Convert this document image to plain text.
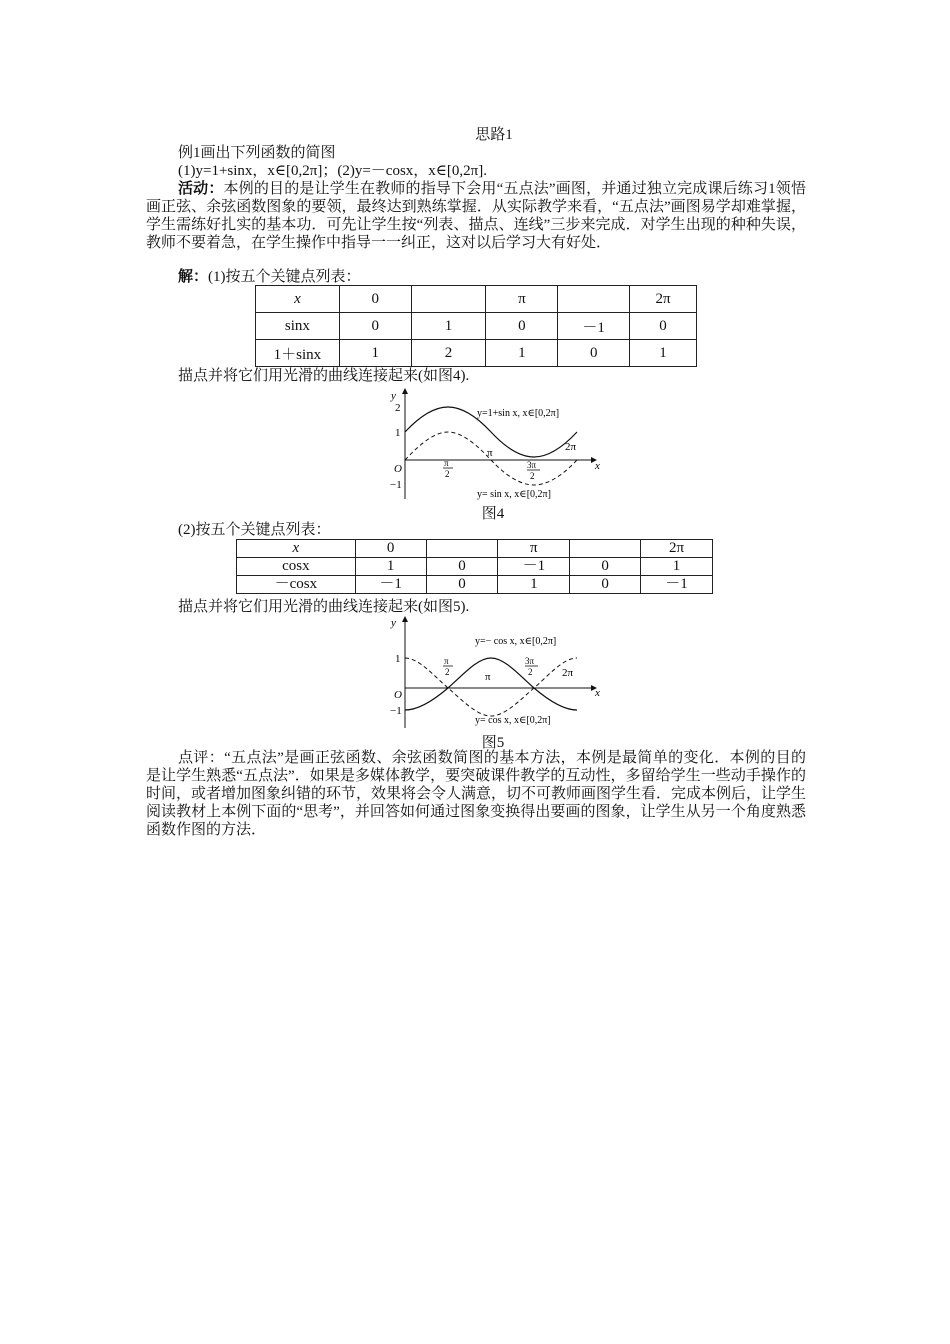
思路1
例1画出下列函数的简图
(1)y=1+sinx，x∈[0,2π]；(2)y=－cosx，x∈[0,2π].
活动：本例的目的是让学生在教师的指导下会用“五点法”画图，并通过独立完成课后练习1领悟画正弦、余弦函数图象的要领，最终达到熟练掌握．从实际教学来看，“五点法”画图易学却难掌握，学生需练好扎实的基本功．可先让学生按“列表、描点、连线”三步来完成．对学生出现的种种失误，教师不要着急，在学生操作中指导一一纠正，这对以后学习大有好处．
解：(1)按五个关键点列表：
x	0		π		2π
sinx	0	1	0	－1	0
1＋sinx	1	2	1	0	1
描点并将它们用光滑的曲线连接起来(如图4).
y
x
O
2
1
−1
π
2
π
3π
2
2π
y=1+sin x, x∈[0,2π]
y= sin x, x∈[0,2π]
图4
(2)按五个关键点列表：
x	0		π		2π
cosx	1	0	－1	0	1
－cosx	－1	0	1	0	－1
描点并将它们用光滑的曲线连接起来(如图5).
y
x
O
1
−1
π
2	π
3π
2	2π
y=− cos x, x∈[0,2π]
y= cos x, x∈[0,2π]
图5
点评：“五点法”是画正弦函数、余弦函数简图的基本方法，本例是最简单的变化．本例的目的是让学生熟悉“五点法”．如果是多媒体教学，要突破课件教学的互动性，多留给学生一些动手操作的时间，或者增加图象纠错的环节，效果将会令人满意，切不可教师画图学生看．完成本例后，让学生阅读教材上本例下面的“思考”，并回答如何通过图象变换得出要画的图象，让学生从另一个角度熟悉函数作图的方法．
